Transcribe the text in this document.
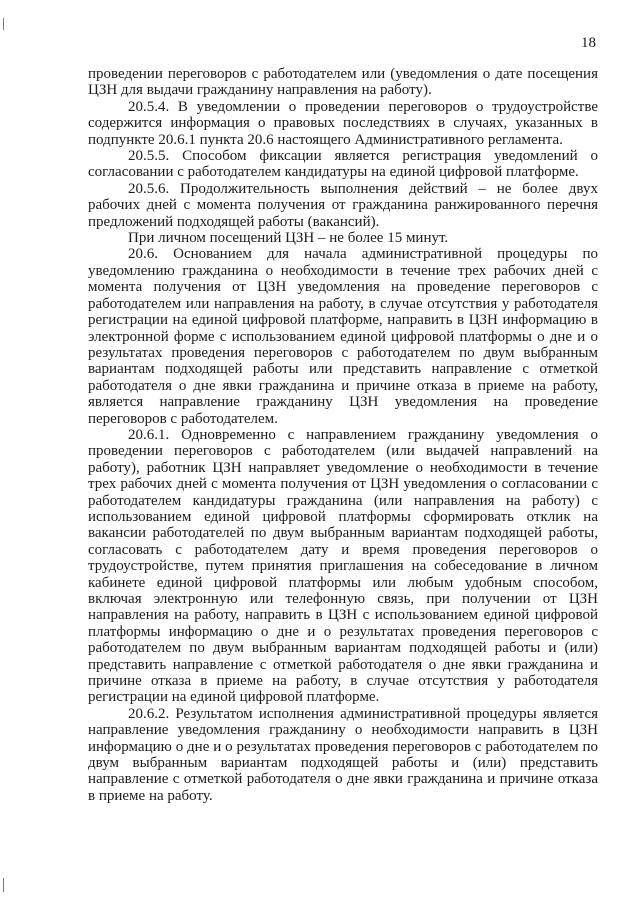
18

проведении переговоров с работодателем или (уведомления о дате посещения ЦЗН для выдачи гражданину направления на работу).

20.5.4. В уведомлении о проведении переговоров о трудоустройстве содержится информация о правовых последствиях в случаях, указанных в подпункте 20.6.1 пункта 20.6 настоящего Административного регламента.

20.5.5. Способом фиксации является регистрация уведомлений о согласовании с работодателем кандидатуры на единой цифровой платформе.

20.5.6. Продолжительность выполнения действий – не более двух рабочих дней с момента получения от гражданина ранжированного перечня предложений подходящей работы (вакансий).

При личном посещений ЦЗН – не более 15 минут.

20.6. Основанием для начала административной процедуры по уведомлению гражданина о необходимости в течение трех рабочих дней с момента получения от ЦЗН уведомления на проведение переговоров с работодателем или направления на работу, в случае отсутствия у работодателя регистрации на единой цифровой платформе, направить в ЦЗН информацию в электронной форме с использованием единой цифровой платформы о дне и о результатах проведения переговоров с работодателем по двум выбранным вариантам подходящей работы или представить направление с отметкой работодателя о дне явки гражданина и причине отказа в приеме на работу, является направление гражданину ЦЗН уведомления на проведение переговоров с работодателем.

20.6.1. Одновременно с направлением гражданину уведомления о проведении переговоров с работодателем (или выдачей направлений на работу), работник ЦЗН направляет уведомление о необходимости в течение трех рабочих дней с момента получения от ЦЗН уведомления о согласовании с работодателем кандидатуры гражданина (или направления на работу) с использованием единой цифровой платформы сформировать отклик на вакансии работодателей по двум выбранным вариантам подходящей работы, согласовать с работодателем дату и время проведения переговоров о трудоустройстве, путем принятия приглашения на собеседование в личном кабинете единой цифровой платформы или любым удобным способом, включая электронную или телефонную связь, при получении от ЦЗН направления на работу, направить в ЦЗН с использованием единой цифровой платформы информацию о дне и о результатах проведения переговоров с работодателем по двум выбранным вариантам подходящей работы и (или) представить направление с отметкой работодателя о дне явки гражданина и причине отказа в приеме на работу, в случае отсутствия у работодателя регистрации на единой цифровой платформе.

20.6.2. Результатом исполнения административной процедуры является направление уведомления гражданину о необходимости направить в ЦЗН информацию о дне и о результатах проведения переговоров с работодателем по двум выбранным вариантам подходящей работы и (или) представить направление с отметкой работодателя о дне явки гражданина и причине отказа в приеме на работу.
